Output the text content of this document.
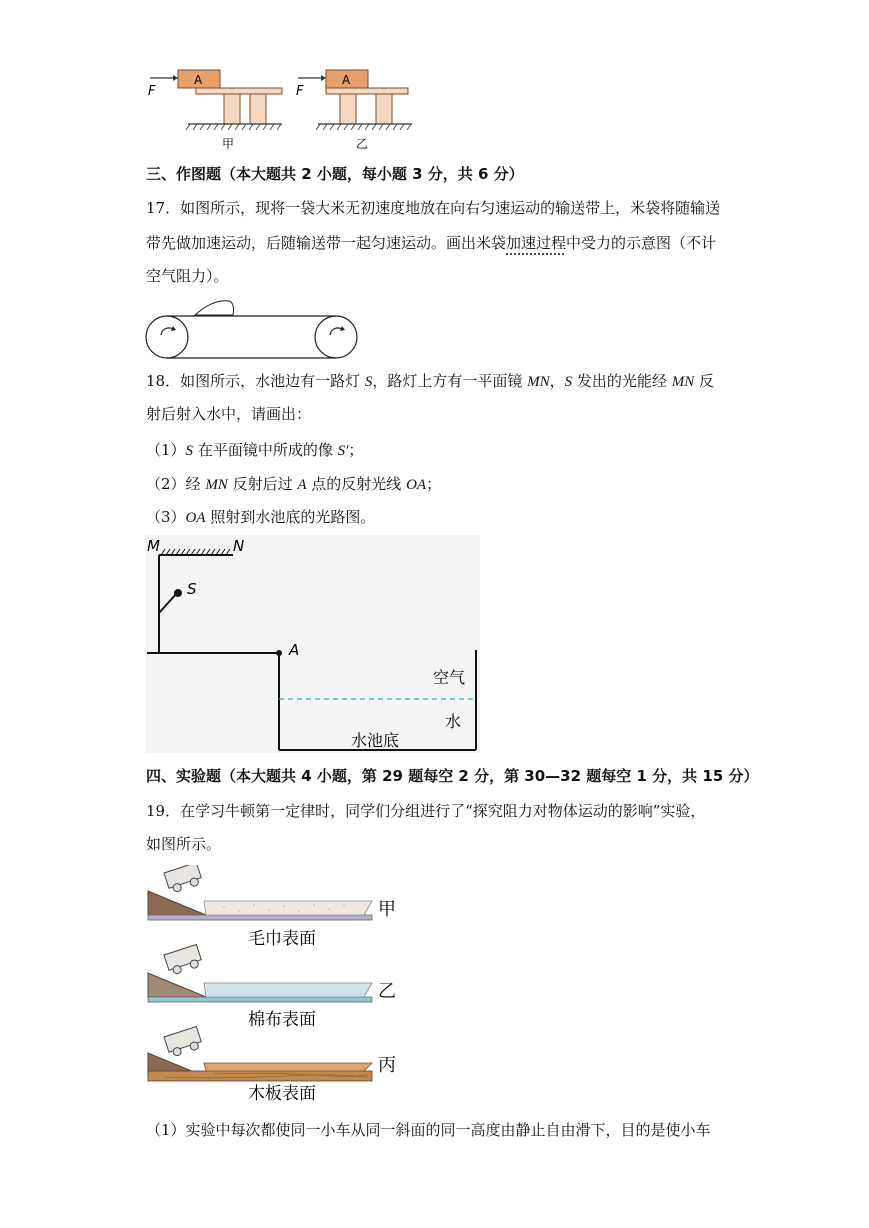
F
A
甲
F
A
乙
三、作图题（本大题共 2 小题，每小题 3 分，共 6 分）
17．如图所示，现将一袋大米无初速度地放在向右匀速运动的输送带上，米袋将随输送
带先做加速运动，后随输送带一起匀速运动。画出米袋加速过程中受力的示意图（不计
空气阻力）。
18．如图所示，水池边有一路灯 S，路灯上方有一平面镜 MN，S 发出的光能经 MN 反
射后射入水中，请画出：
（1）S 在平面镜中所成的像 S′；
（2）经 MN 反射后过 A 点的反射光线 OA；
（3）OA 照射到水池底的光路图。
M	N
S
A
空气
水
水池底
四、实验题（本大题共 4 小题，第 29 题每空 2 分，第 30—32 题每空 1 分，共 15 分）
19．在学习牛顿第一定律时，同学们分组进行了“探究阻力对物体运动的影响”实验，
如图所示。
甲
毛巾表面
乙
棉布表面
丙
木板表面
（1）实验中每次都使同一小车从同一斜面的同一高度由静止自由滑下，目的是使小车
